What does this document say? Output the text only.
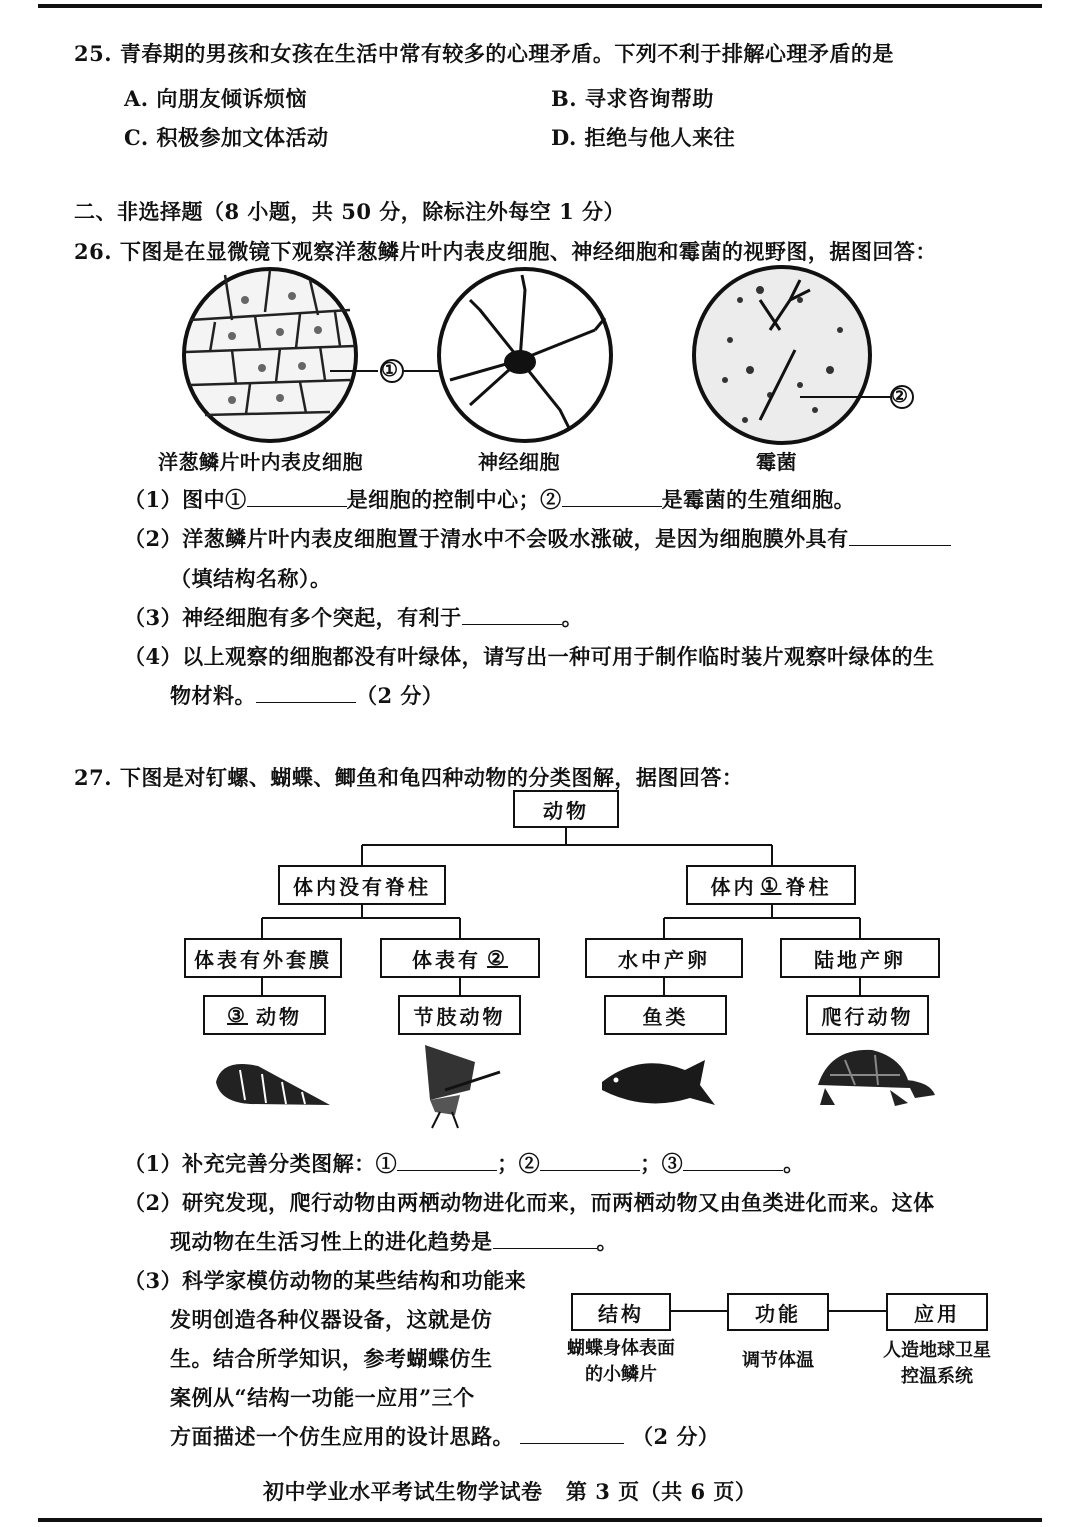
25. 青春期的男孩和女孩在生活中常有较多的心理矛盾。下列不利于排解心理矛盾的是
A. 向朋友倾诉烦恼	B. 寻求咨询帮助
C. 积极参加文体活动	D. 拒绝与他人来往
二、非选择题（8 小题，共 50 分，除标注外每空 1 分）
26. 下图是在显微镜下观察洋葱鳞片叶内表皮细胞、神经细胞和霉菌的视野图，据图回答：
①
②
洋葱鳞片叶内表皮细胞	神经细胞	霉菌
（1）图中①	是细胞的控制中心；②	是霉菌的生殖细胞。
（2）洋葱鳞片叶内表皮细胞置于清水中不会吸水涨破，是因为细胞膜外具有
（填结构名称）。
（3）神经细胞有多个突起，有利于	。
（4）以上观察的细胞都没有叶绿体，请写出一种可用于制作临时装片观察叶绿体的生
物材料。	（2 分）
27. 下图是对钉螺、蝴蝶、鲫鱼和龟四种动物的分类图解，据图回答：
动物
体内没有脊柱	体内 ① 脊柱
体表有外套膜	体表有 ②	水中产卵	陆地产卵
③ 动物	节肢动物	鱼类	爬行动物
（1）补充完善分类图解：①	；②	；③	。
（2）研究发现，爬行动物由两栖动物进化而来，而两栖动物又由鱼类进化而来。这体
现动物在生活习性上的进化趋势是	。
（3）科学家模仿动物的某些结构和功能来
发明创造各种仪器设备，这就是仿
生。结合所学知识，参考蝴蝶仿生
案例从“结构一功能一应用”三个
方面描述一个仿生应用的设计思路。	（2 分）
结构	功能	应用
蝴蝶身体表面
的小鳞片
调节体温	人造地球卫星
控温系统
初中学业水平考试生物学试卷   第 3 页（共 6 页）
